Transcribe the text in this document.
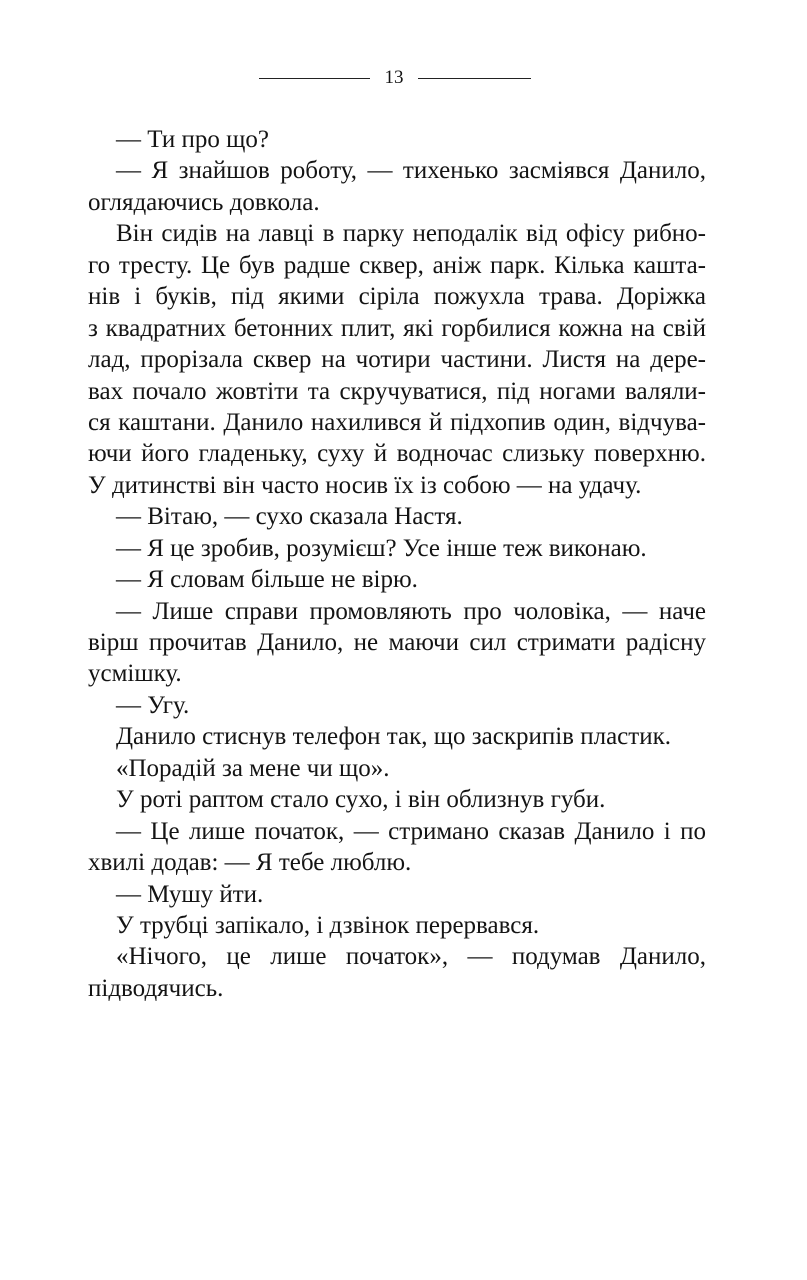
13
— Ти про що?
— Я знайшов роботу, — тихенько засміявся Данило,
оглядаючись довкола.
Він сидів на лавці в парку неподалік від офісу рибно-
го тресту. Це був радше сквер, аніж парк. Кілька кашта-
нів і буків, під якими сіріла пожухла трава. Доріжка
з квадратних бетонних плит, які горбилися кожна на свій
лад, прорізала сквер на чотири частини. Листя на дере-
вах почало жовтіти та скручуватися, під ногами валяли-
ся каштани. Данило нахилився й підхопив один, відчува-
ючи його гладеньку, суху й водночас слизьку поверхню.
У дитинстві він часто носив їх із собою — на удачу.
— Вітаю, — сухо сказала Настя.
— Я це зробив, розумієш? Усе інше теж виконаю.
— Я словам більше не вірю.
— Лише справи промовляють про чоловіка, — наче
вірш прочитав Данило, не маючи сил стримати радісну
усмішку.
— Угу.
Данило стиснув телефон так, що заскрипів пластик.
«Порадій за мене чи що».
У роті раптом стало сухо, і він облизнув губи.
— Це лише початок, — стримано сказав Данило і по
хвилі додав: — Я тебе люблю.
— Мушу йти.
У трубці запікало, і дзвінок перервався.
«Нічого, це лише початок», — подумав Данило,
підводячись.
